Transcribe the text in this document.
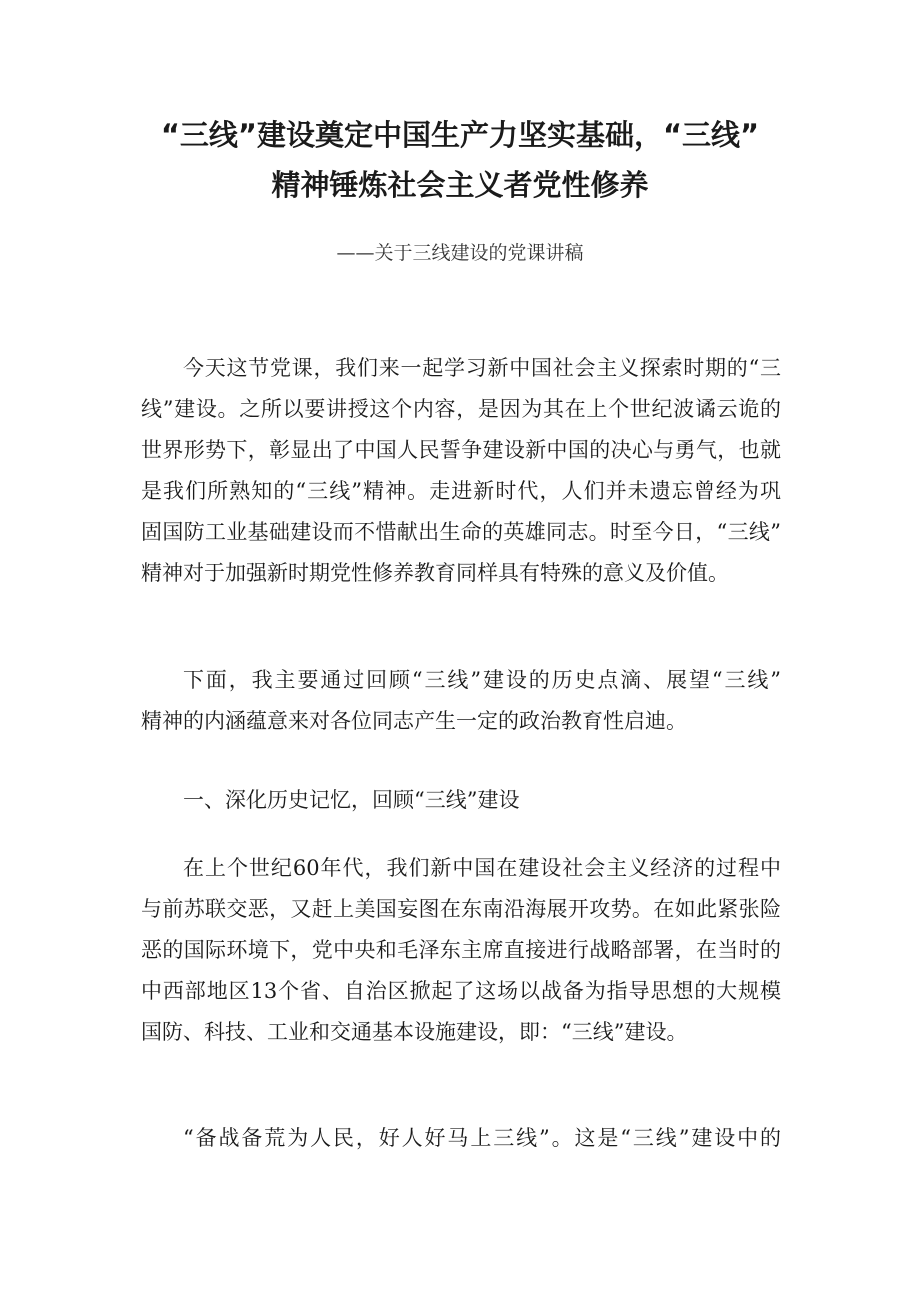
“三线”建设奠定中国生产力坚实基础，“三线”
精神锤炼社会主义者党性修养

——关于三线建设的党课讲稿

今天这节党课，我们来一起学习新中国社会主义探索时期的“三
线”建设。之所以要讲授这个内容，是因为其在上个世纪波谲云诡的
世界形势下，彰显出了中国人民誓争建设新中国的决心与勇气，也就
是我们所熟知的“三线”精神。走进新时代，人们并未遗忘曾经为巩
固国防工业基础建设而不惜献出生命的英雄同志。时至今日，“三线”
精神对于加强新时期党性修养教育同样具有特殊的意义及价值。
下面，我主要通过回顾“三线”建设的历史点滴、展望“三线”
精神的内涵蕴意来对各位同志产生一定的政治教育性启迪。
一、深化历史记忆，回顾“三线”建设
在上个世纪60年代，我们新中国在建设社会主义经济的过程中
与前苏联交恶，又赶上美国妄图在东南沿海展开攻势。在如此紧张险
恶的国际环境下，党中央和毛泽东主席直接进行战略部署，在当时的
中西部地区13个省、自治区掀起了这场以战备为指导思想的大规模
国防、科技、工业和交通基本设施建设，即：“三线”建设。
“备战备荒为人民，好人好马上三线”。这是“三线”建设中的
